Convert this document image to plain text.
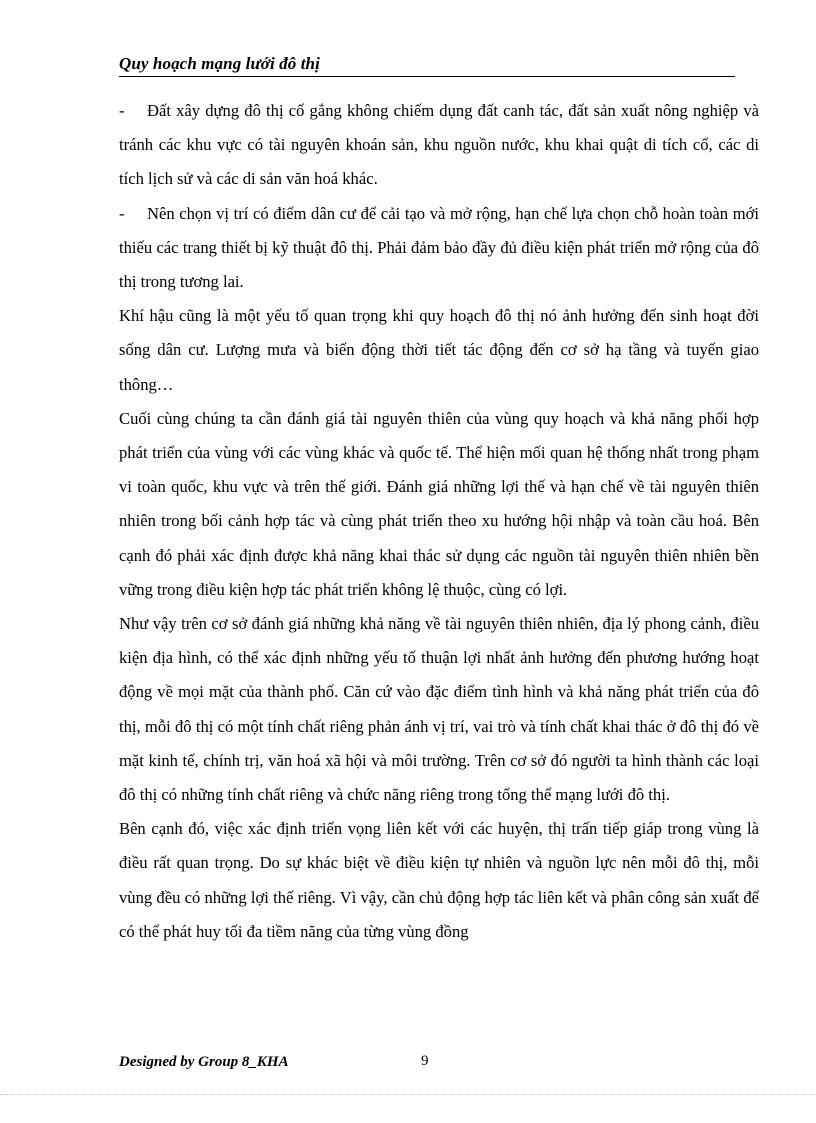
Quy hoạch mạng lưới đô thị

- Đất xây dựng đô thị cố gắng không chiếm dụng đất canh tác, đất sản xuất nông nghiệp và tránh các khu vực có tài nguyên khoán sản, khu nguồn nước, khu khai quật di tích cổ, các di tích lịch sử và các di sản văn hoá khác.

- Nên chọn vị trí có điểm dân cư để cải tạo và mở rộng, hạn chế lựa chọn chỗ hoàn toàn mới thiếu các trang thiết bị kỹ thuật đô thị. Phải đảm bảo đầy đủ điều kiện phát triển mở rộng của đô thị trong tương lai.

Khí hậu cũng là một yếu tố quan trọng khi quy hoạch đô thị nó ảnh hưởng đến sinh hoạt đời sống dân cư. Lượng mưa và biến động thời tiết tác động đến cơ sở hạ tầng và tuyến giao thông…

Cuối cùng chúng ta cần đánh giá tài nguyên thiên của vùng quy hoạch và khả năng phối hợp phát triển của vùng với các vùng khác và quốc tế. Thể hiện mối quan hệ thống nhất trong phạm vi toàn quốc, khu vực và trên thế giới. Đánh giá những lợi thế và hạn chế về tài nguyên thiên nhiên trong bối cảnh hợp tác và cùng phát triển theo xu hướng hội nhập và toàn cầu hoá. Bên cạnh đó phải xác định được khả năng khai thác sử dụng các nguồn tài nguyên thiên nhiên bền vững trong điều kiện hợp tác phát triển không lệ thuộc, cùng có lợi.

Như vậy trên cơ sở đánh giá những khả năng về tài nguyên thiên nhiên, địa lý phong cảnh, điều kiện địa hình, có thể xác định những yếu tố thuận lợi nhất ảnh hưởng đến phương hướng hoạt động về mọi mặt của thành phố. Căn cứ vào đặc điểm tình hình và khả năng phát triển của đô thị, mỗi đô thị có một tính chất riêng phản ánh vị trí, vai trò và tính chất khai thác ở đô thị đó về mặt kinh tế, chính trị, văn hoá xã hội và môi trường. Trên cơ sở đó người ta hình thành các loại đô thị có những tính chất riêng và chức năng riêng trong tổng thể mạng lưới đô thị.

Bên cạnh đó, việc xác định triển vọng liên kết với các huyện, thị trấn tiếp giáp trong vùng là điều rất quan trọng. Do sự khác biệt về điều kiện tự nhiên và nguồn lực nên mỗi đô thị, mỗi vùng đều có những lợi thế riêng. Vì vậy, cần chủ động hợp tác liên kết và phân công sản xuất để có thể phát huy tối đa tiềm năng của từng vùng đồng

Designed by Group 8_KHA	9
